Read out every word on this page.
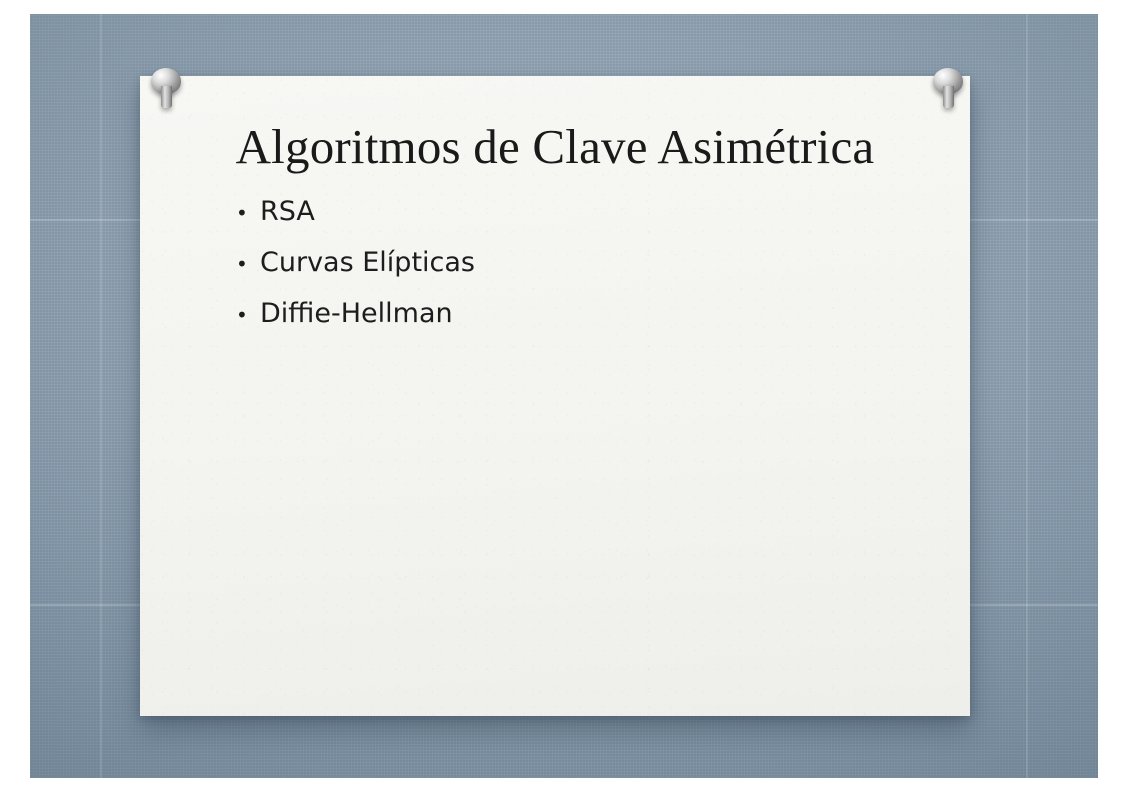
Algoritmos de Clave Asimétrica
• RSA
• Curvas Elípticas
• Diffie-Hellman
